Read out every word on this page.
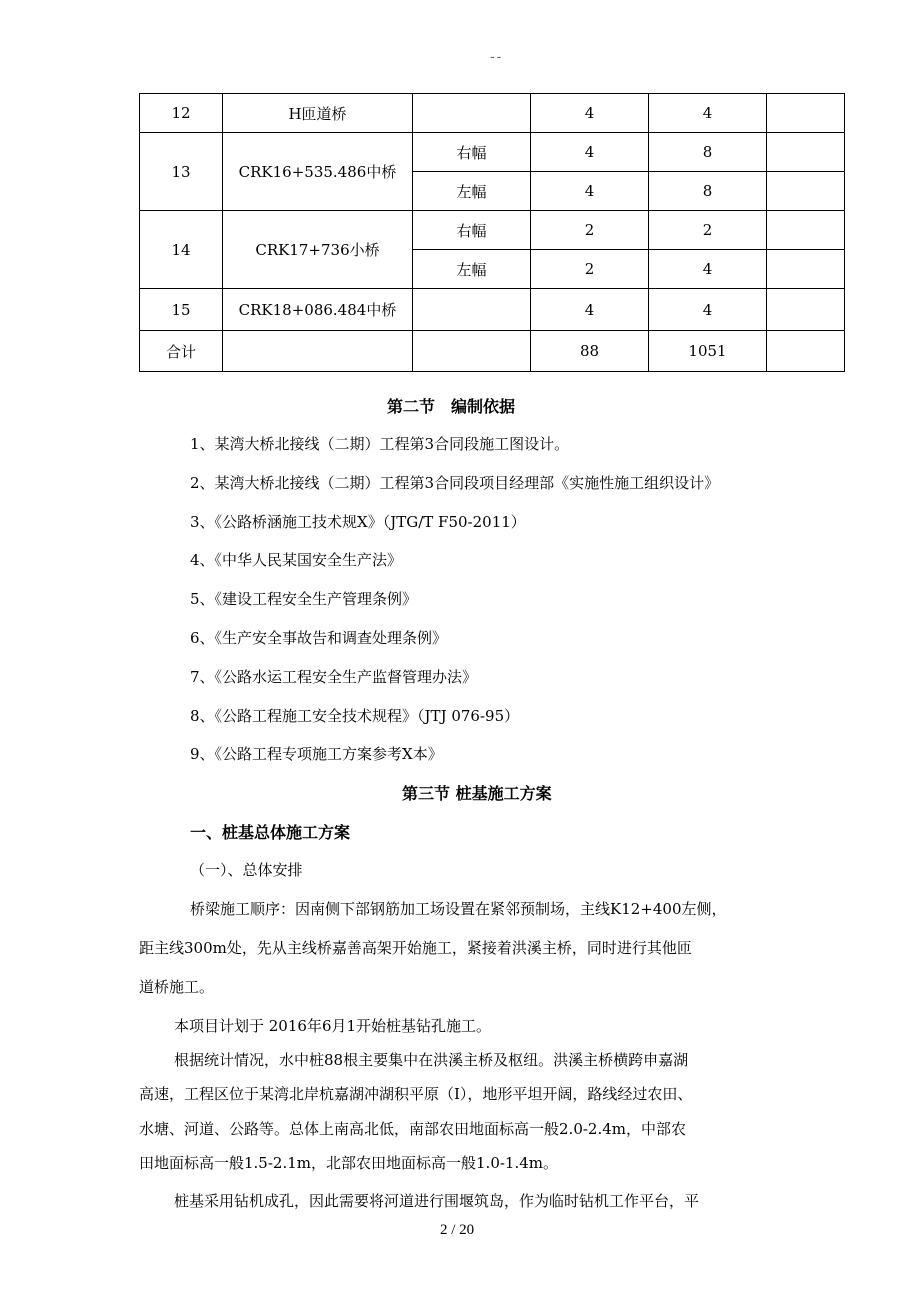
--
12	H匝道桥		4	4	
13	CRK16+535.486中桥	右幅	4	8	
		左幅	4	8	
14	CRK17+736小桥	右幅	2	2	
		左幅	2	4	
15	CRK18+086.484中桥		4	4	
合计			88	1051	
第二节　编制依据
1、某湾大桥北接线（二期）工程第3合同段施工图设计。
2、某湾大桥北接线（二期）工程第3合同段项目经理部《实施性施工组织设计》
3、《公路桥涵施工技术规X》（JTG/T F50-2011）
4、《中华人民某国安全生产法》
5、《建设工程安全生产管理条例》
6、《生产安全事故告和调查处理条例》
7、《公路水运工程安全生产监督管理办法》
8、《公路工程施工安全技术规程》（JTJ 076-95）
9、《公路工程专项施工方案参考X本》
第三节 桩基施工方案
一、桩基总体施工方案
（一）、总体安排
桥梁施工顺序：因南侧下部钢筋加工场设置在紧邻预制场，主线K12+400左侧，
距主线300m处，先从主线桥嘉善高架开始施工，紧接着洪溪主桥，同时进行其他匝
道桥施工。
本项目计划于 2016年6月1开始桩基钻孔施工。
根据统计情况，水中桩88根主要集中在洪溪主桥及枢纽。洪溪主桥横跨申嘉湖
高速，工程区位于某湾北岸杭嘉湖冲湖积平原（I），地形平坦开阔，路线经过农田、
水塘、河道、公路等。总体上南高北低，南部农田地面标高一般2.0-2.4m，中部农
田地面标高一般1.5-2.1m，北部农田地面标高一般1.0-1.4m。
桩基采用钻机成孔，因此需要将河道进行围堰筑岛，作为临时钻机工作平台，平
2 / 20
